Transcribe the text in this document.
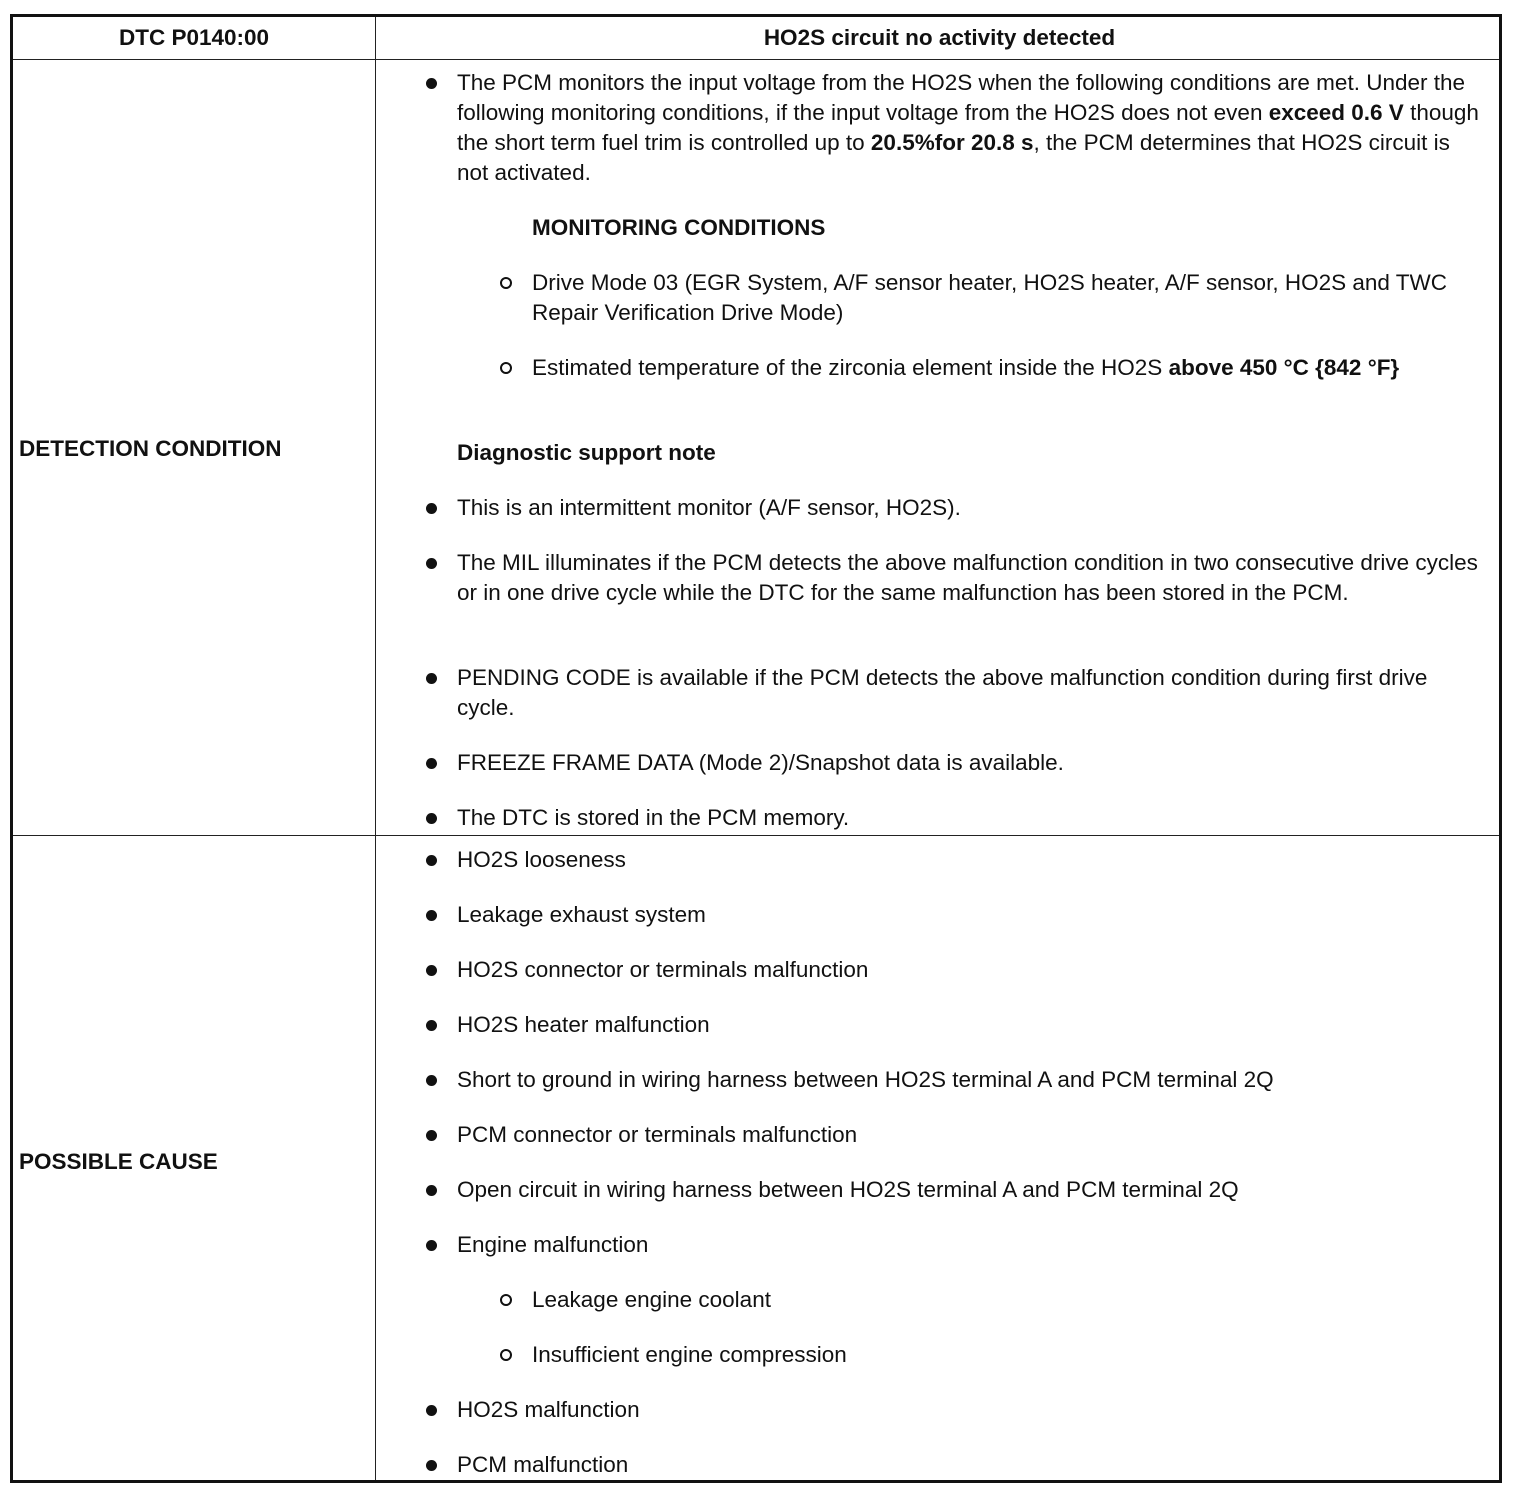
DTC P0140:00	HO2S circuit no activity detected
DETECTION CONDITION
POSSIBLE CAUSE
The PCM monitors the input voltage from the HO2S when the following conditions are met. Under the following monitoring conditions, if the input voltage from the HO2S does not even exceed 0.6 V though the short term fuel trim is controlled up to 20.5%for 20.8 s, the PCM determines that HO2S circuit is not activated.
MONITORING CONDITIONS
Drive Mode 03 (EGR System, A/F sensor heater, HO2S heater, A/F sensor, HO2S and TWC Repair Verification Drive Mode)
Estimated temperature of the zirconia element inside the HO2S above 450 °C {842 °F}
Diagnostic support note
This is an intermittent monitor (A/F sensor, HO2S).
The MIL illuminates if the PCM detects the above malfunction condition in two consecutive drive cycles or in one drive cycle while the DTC for the same malfunction has been stored in the PCM.
PENDING CODE is available if the PCM detects the above malfunction condition during first drive cycle.
FREEZE FRAME DATA (Mode 2)/Snapshot data is available.
The DTC is stored in the PCM memory.
HO2S looseness
Leakage exhaust system
HO2S connector or terminals malfunction
HO2S heater malfunction
Short to ground in wiring harness between HO2S terminal A and PCM terminal 2Q
PCM connector or terminals malfunction
Open circuit in wiring harness between HO2S terminal A and PCM terminal 2Q
Engine malfunction
Leakage engine coolant
Insufficient engine compression
HO2S malfunction
PCM malfunction
